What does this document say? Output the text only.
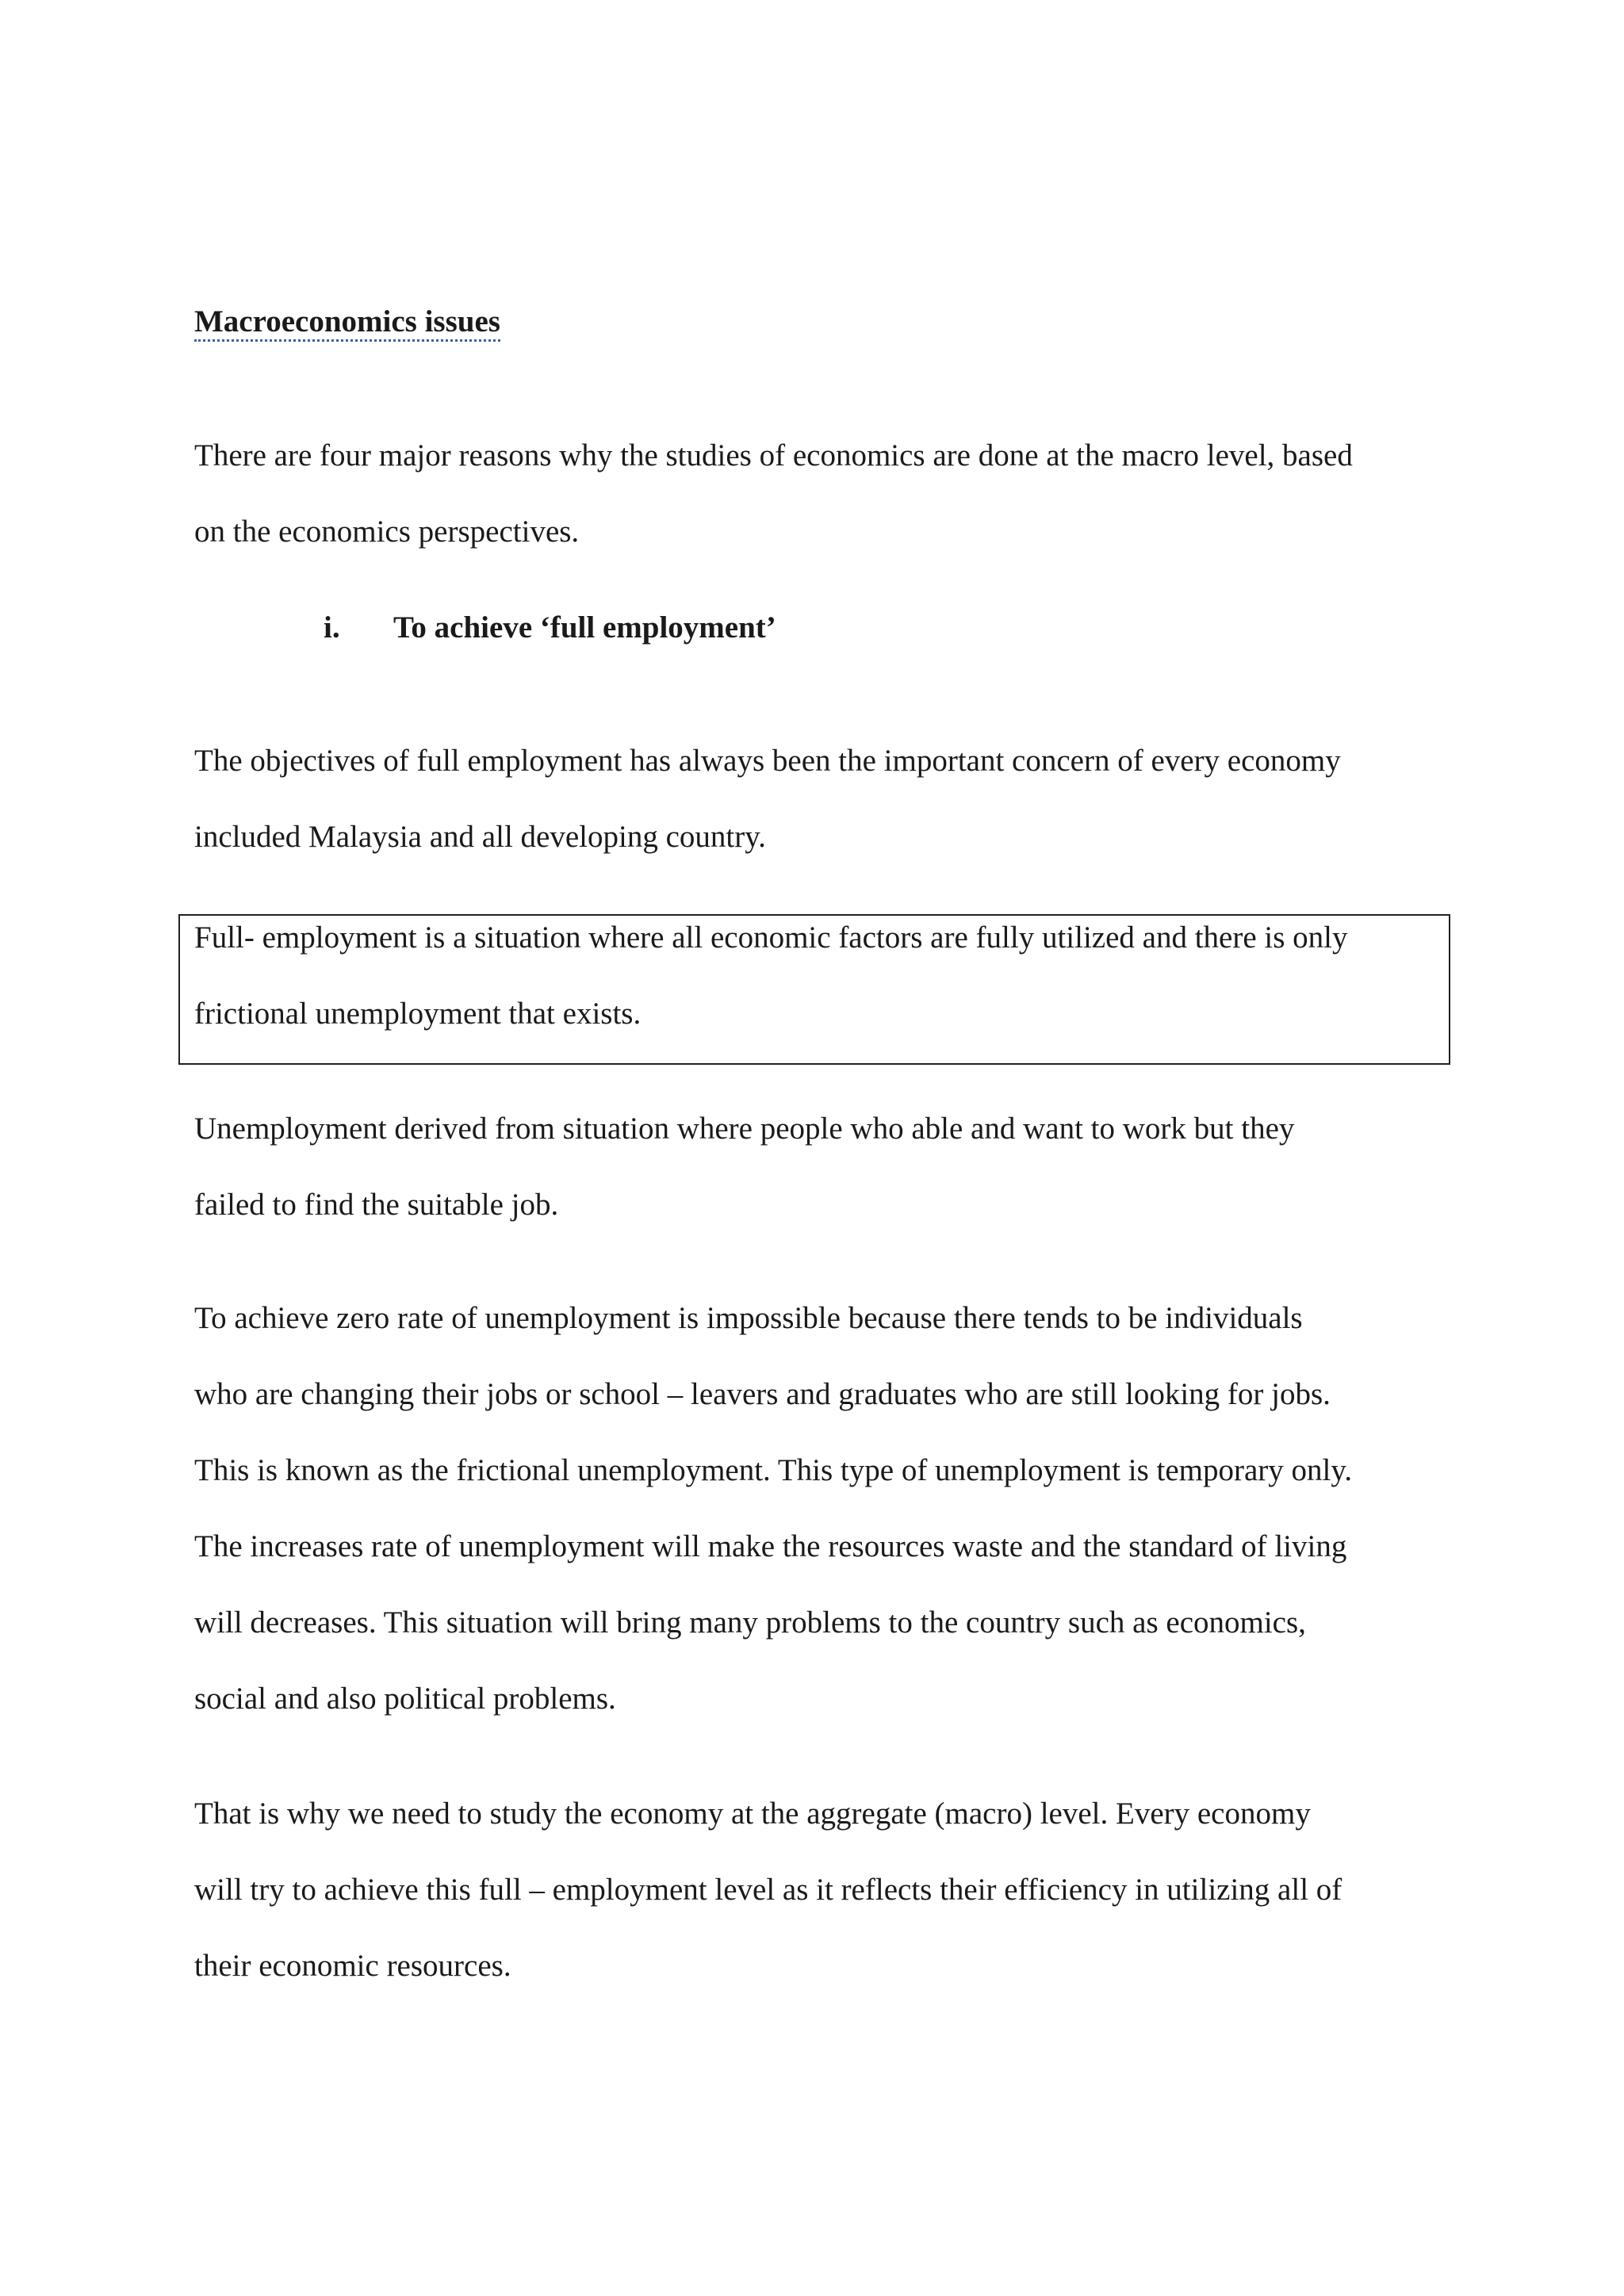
Macroeconomics issues

There are four major reasons why the studies of economics are done at the macro level, based
on the economics perspectives.

i. To achieve ‘full employment’

The objectives of full employment has always been the important concern of every economy
included Malaysia and all developing country.

Full- employment is a situation where all economic factors are fully utilized and there is only
frictional unemployment that exists.

Unemployment derived from situation where people who able and want to work but they
failed to find the suitable job.

To achieve zero rate of unemployment is impossible because there tends to be individuals
who are changing their jobs or school – leavers and graduates who are still looking for jobs.
This is known as the frictional unemployment. This type of unemployment is temporary only.
The increases rate of unemployment will make the resources waste and the standard of living
will decreases. This situation will bring many problems to the country such as economics,
social and also political problems.

That is why we need to study the economy at the aggregate (macro) level. Every economy
will try to achieve this full – employment level as it reflects their efficiency in utilizing all of
their economic resources.
